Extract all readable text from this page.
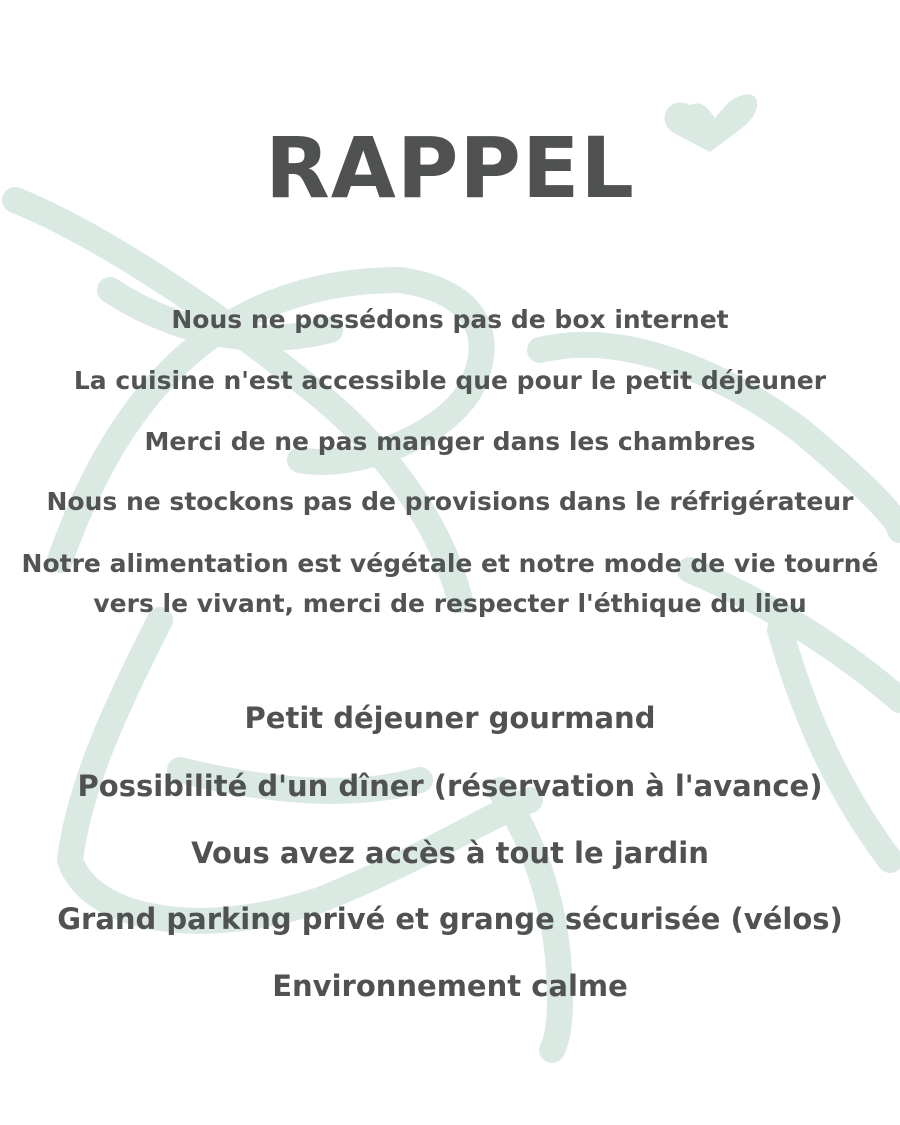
RAPPEL

Nous ne possédons pas de box internet

La cuisine n'est accessible que pour le petit déjeuner

Merci de ne pas manger dans les chambres

Nous ne stockons pas de provisions dans le réfrigérateur

Notre alimentation est végétale et notre mode de vie tourné vers le vivant, merci de respecter l'éthique du lieu

Petit déjeuner gourmand

Possibilité d'un dîner (réservation à l'avance)

Vous avez accès à tout le jardin

Grand parking privé et grange sécurisée (vélos)

Environnement calme
